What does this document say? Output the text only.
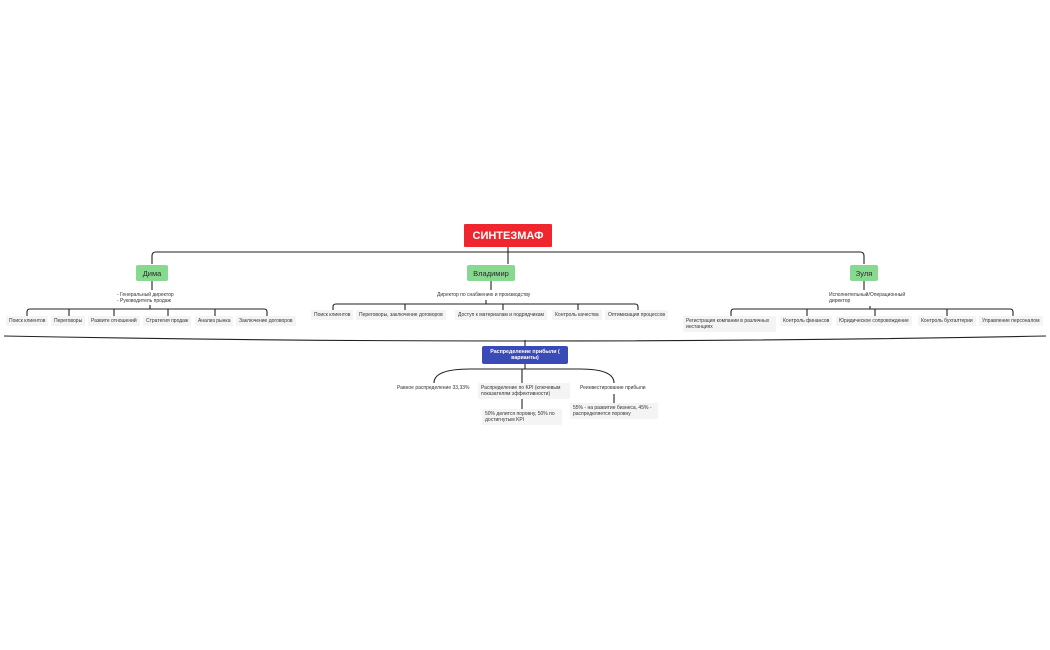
СИНТЕЗМАФ
Дима	Владимир	Зуля
- Генеральный директор
- Руководитель продаж
Директор по снабжению и производству	Исполнительный/Операционный директор
Поиск клиентов	Переговоры	Развите отношений	Стратегия продаж	Анализ рынка	Заключение договоров
Поиск клиентов	Переговоры, заключение договоров	Доступ к материалам и подрядчикам	Контроль качества	Оптимизация процессов
Регистрация компании в различных инстанциях
Контроль финансов	Юридическое сопровождение	Контроль бухгалтерии	Управление персоналом
Распределение прибыли ( варианты)
Равное распределение 33,33%	Распределение по KPI (ключевым показателям эффективности)
50% делится поровну, 50% по достигнутым KPI
Реинвестирование прибыли
55% - на развитие бизнеса, 45% - распределяется поровну
